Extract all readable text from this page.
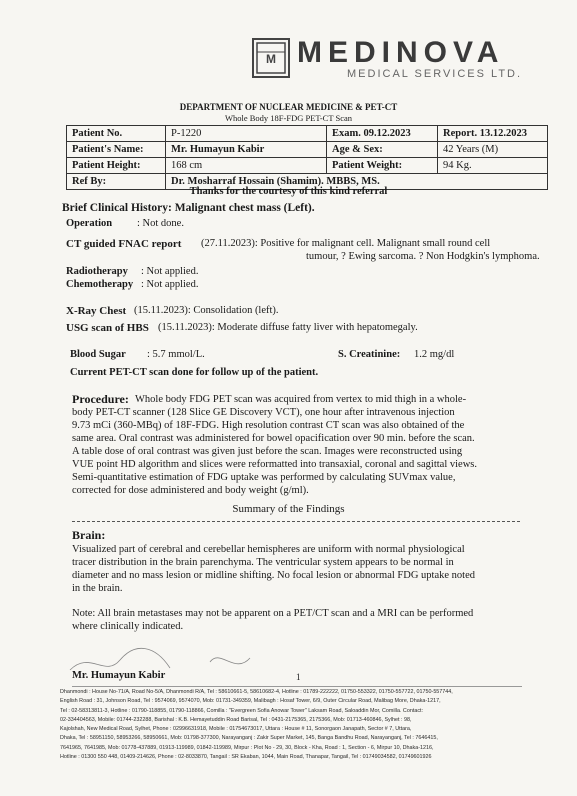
M MEDINOVA
MEDICAL SERVICES LTD.
DEPARTMENT OF NUCLEAR MEDICINE & PET-CT
Whole Body 18F-FDG PET-CT Scan
Patient No.	P-1220	Exam. 09.12.2023	Report. 13.12.2023
Patient's Name:	Mr. Humayun Kabir	Age & Sex:	42 Years (M)
Patient Height:	168 cm	Patient Weight:	94 Kg.
Ref By:	Dr. Mosharraf Hossain (Shamim). MBBS, MS.		
Thanks for the courtesy of this kind referral
Brief Clinical History: Malignant chest mass (Left).
Operation : Not done.
CT guided FNAC report (27.11.2023): Positive for malignant cell. Malignant small round cell
tumour, ? Ewing sarcoma. ? Non Hodgkin's lymphoma.
Radiotherapy : Not applied.
Chemotherapy : Not applied.
X-Ray Chest (15.11.2023): Consolidation (left).
USG scan of HBS (15.11.2023): Moderate diffuse fatty liver with hepatomegaly.
Blood Sugar : 5.7 mmol/L.	S. Creatinine: 1.2 mg/dl
Current PET-CT scan done for follow up of the patient.
Procedure: Whole body FDG PET scan was acquired from vertex to mid thigh in a whole-
body PET-CT scanner (128 Slice GE Discovery VCT), one hour after intravenous injection
9.73 mCi (360-MBq) of 18F-FDG. High resolution contrast CT scan was also obtained of the
same area. Oral contrast was administered for bowel opacification over 90 min. before the scan.
A table dose of oral contrast was given just before the scan. Images were reconstructed using
VUE point HD algorithm and slices were reformatted into transaxial, coronal and sagittal views.
Semi-quantitative estimation of FDG uptake was performed by calculating SUVmax value,
corrected for dose administered and body weight (g/ml).
Summary of the Findings
Brain:
Visualized part of cerebral and cerebellar hemispheres are uniform with normal physiological
tracer distribution in the brain parenchyma. The ventricular system appears to be normal in
diameter and no mass lesion or midline shifting. No focal lesion or abnormal FDG uptake noted
in the brain.
Note: All brain metastases may not be apparent on a PET/CT scan and a MRI can be performed
where clinically indicated.
Mr. Humayun Kabir	1
Dhanmondi : House No-71/A, Road No-5/A, Dhanmondi R/A, Tel : 58610661-5, 58610682-4, Hotline : 01789-222222, 01750-553322, 01750-557722, 01750-557744,
English Road : 31, Johnson Road, Tel : 9574069, 9574070, Mob: 01731-349359, Malibagh : Hosaf Tower, 6/9, Outer Circular Road, Malibag More, Dhaka-1217,
Tel : 02-58313811-3, Hotline : 01790-118855, 01790-118866, Comilla : "Evergreen Sofia Anowar Tower" Laksam Road, Saloaddin Mor, Comilla. Contact:
02-334404563, Mobile: 01744-232288, Barishal : K.B. Hemayetuddin Road Barisal, Tel : 0431-2175365, 2175366, Mob: 01713-460846, Sylhet : 98,
Kajolshah, New Medical Road, Sylhet, Phone : 02996631918, Mobile : 01754673017, Uttara : House # 11, Sonorgaon Janapath, Sector # 7, Uttara,
Dhaka, Tel : 58951150, 58953266, 58950661, Mob: 01798-377300, Narayanganj : Zakir Super Market, 145, Banga Bandhu Road, Narayanganj, Tel : 7646415,
7641965, 7641985, Mob: 01778-437889, 01913-119989, 01842-119989, Mirpur : Plot No - 29, 30, Block - Kha, Road : 1, Section - 6, Mirpur 10, Dhaka-1216,
Hotline : 01300 550 448, 01409-214626, Phone : 02-8033870, Tangail : SR Ekaban, 1044, Main Road, Thanapar, Tangail, Tel : 01749034582, 01749601926
